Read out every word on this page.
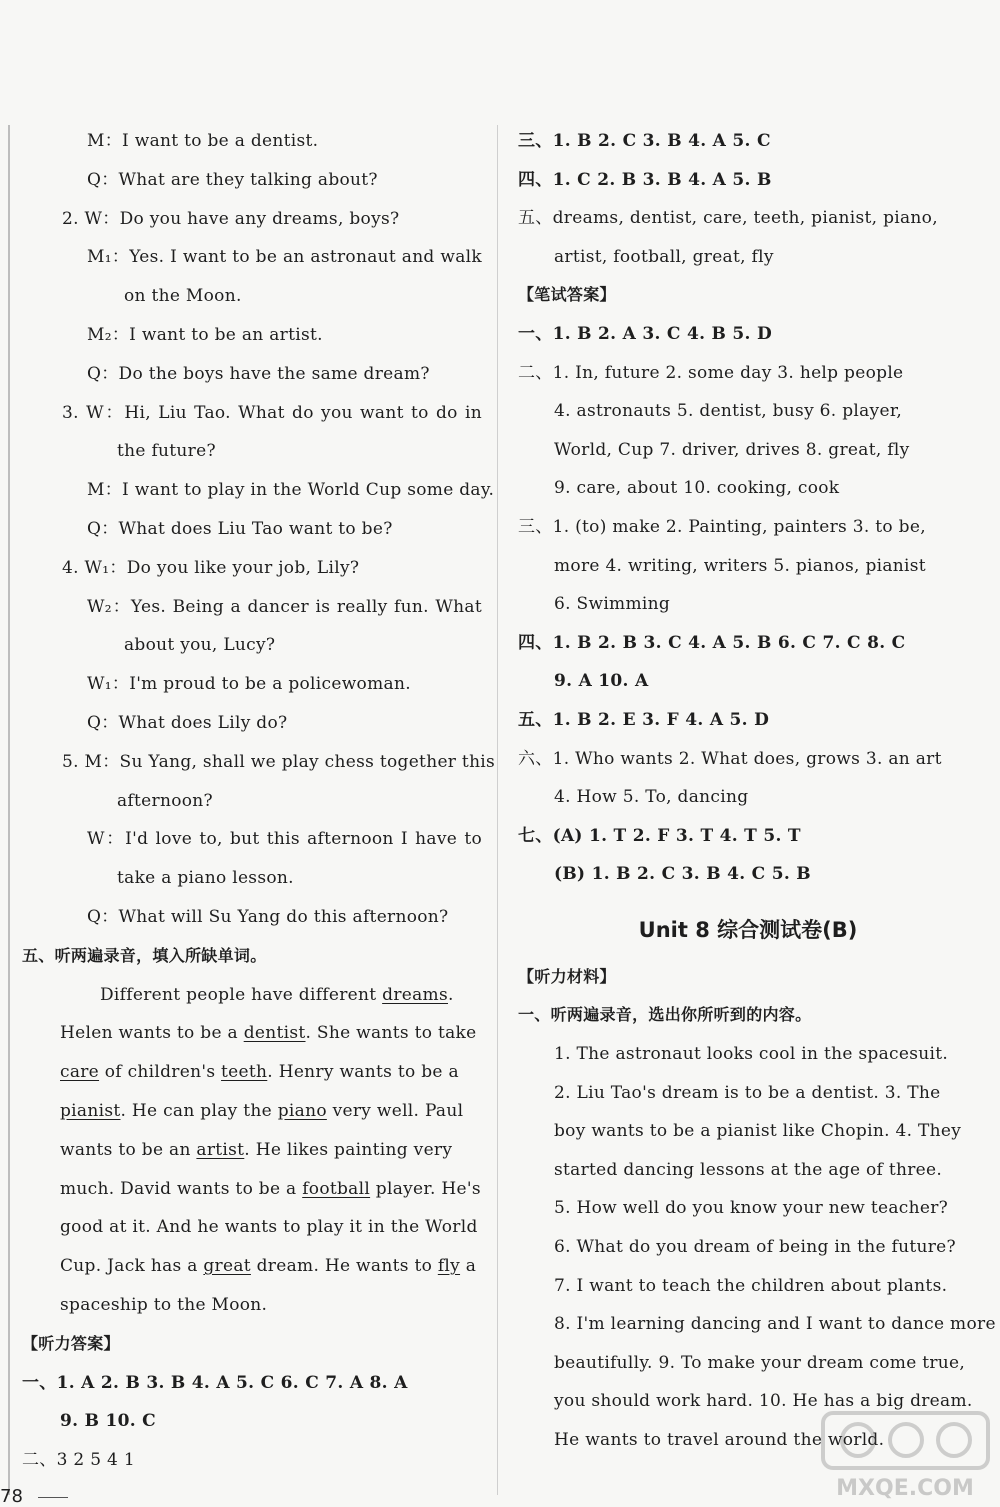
M：I want to be a dentist.
Q：What are they talking about?
2. W：Do you have any dreams, boys?
M₁：Yes. I want to be an astronaut and walk
on the Moon.
M₂：I want to be an artist.
Q：Do the boys have the same dream?
3. W：Hi, Liu Tao. What do you want to do in
the future?
M：I want to play in the World Cup some day.
Q：What does Liu Tao want to be?
4. W₁：Do you like your job, Lily?
W₂：Yes. Being a dancer is really fun. What
about you, Lucy?
W₁：I'm proud to be a policewoman.
Q：What does Lily do?
5. M：Su Yang, shall we play chess together this
afternoon?
W：I'd love to, but this afternoon I have to
take a piano lesson.
Q：What will Su Yang do this afternoon?
五、听两遍录音，填入所缺单词。
Different people have different dreams.
Helen wants to be a dentist. She wants to take
care of children's teeth. Henry wants to be a
pianist. He can play the piano very well. Paul
wants to be an artist. He likes painting very
much. David wants to be a football player. He's
good at it. And he wants to play it in the World
Cup. Jack has a great dream. He wants to fly a
spaceship to the Moon.
【听力答案】
一、1. A 2. B 3. B 4. A 5. C 6. C 7. A 8. A
9. B 10. C
二、3 2 5 4 1
三、1. B 2. C 3. B 4. A 5. C
四、1. C 2. B 3. B 4. A 5. B
五、dreams, dentist, care, teeth, pianist, piano,
artist, football, great, fly
【笔试答案】
一、1. B 2. A 3. C 4. B 5. D
二、1. In, future 2. some day 3. help people
4. astronauts 5. dentist, busy 6. player,
World, Cup 7. driver, drives 8. great, fly
9. care, about 10. cooking, cook
三、1. (to) make 2. Painting, painters 3. to be,
more 4. writing, writers 5. pianos, pianist
6. Swimming
四、1. B 2. B 3. C 4. A 5. B 6. C 7. C 8. C
9. A 10. A
五、1. B 2. E 3. F 4. A 5. D
六、1. Who wants 2. What does, grows 3. an art
4. How 5. To, dancing
七、(A) 1. T 2. F 3. T 4. T 5. T
(B) 1. B 2. C 3. B 4. C 5. B
Unit 8 综合测试卷(B)
【听力材料】
一、听两遍录音，选出你所听到的内容。
1. The astronaut looks cool in the spacesuit.
2. Liu Tao's dream is to be a dentist. 3. The
boy wants to be a pianist like Chopin. 4. They
started dancing lessons at the age of three.
5. How well do you know your new teacher?
6. What do you dream of being in the future?
7. I want to teach the children about plants.
8. I'm learning dancing and I want to dance more
beautifully. 9. To make your dream come true,
you should work hard. 10. He has a big dream.
He wants to travel around the world.
78	MXQE.COM
